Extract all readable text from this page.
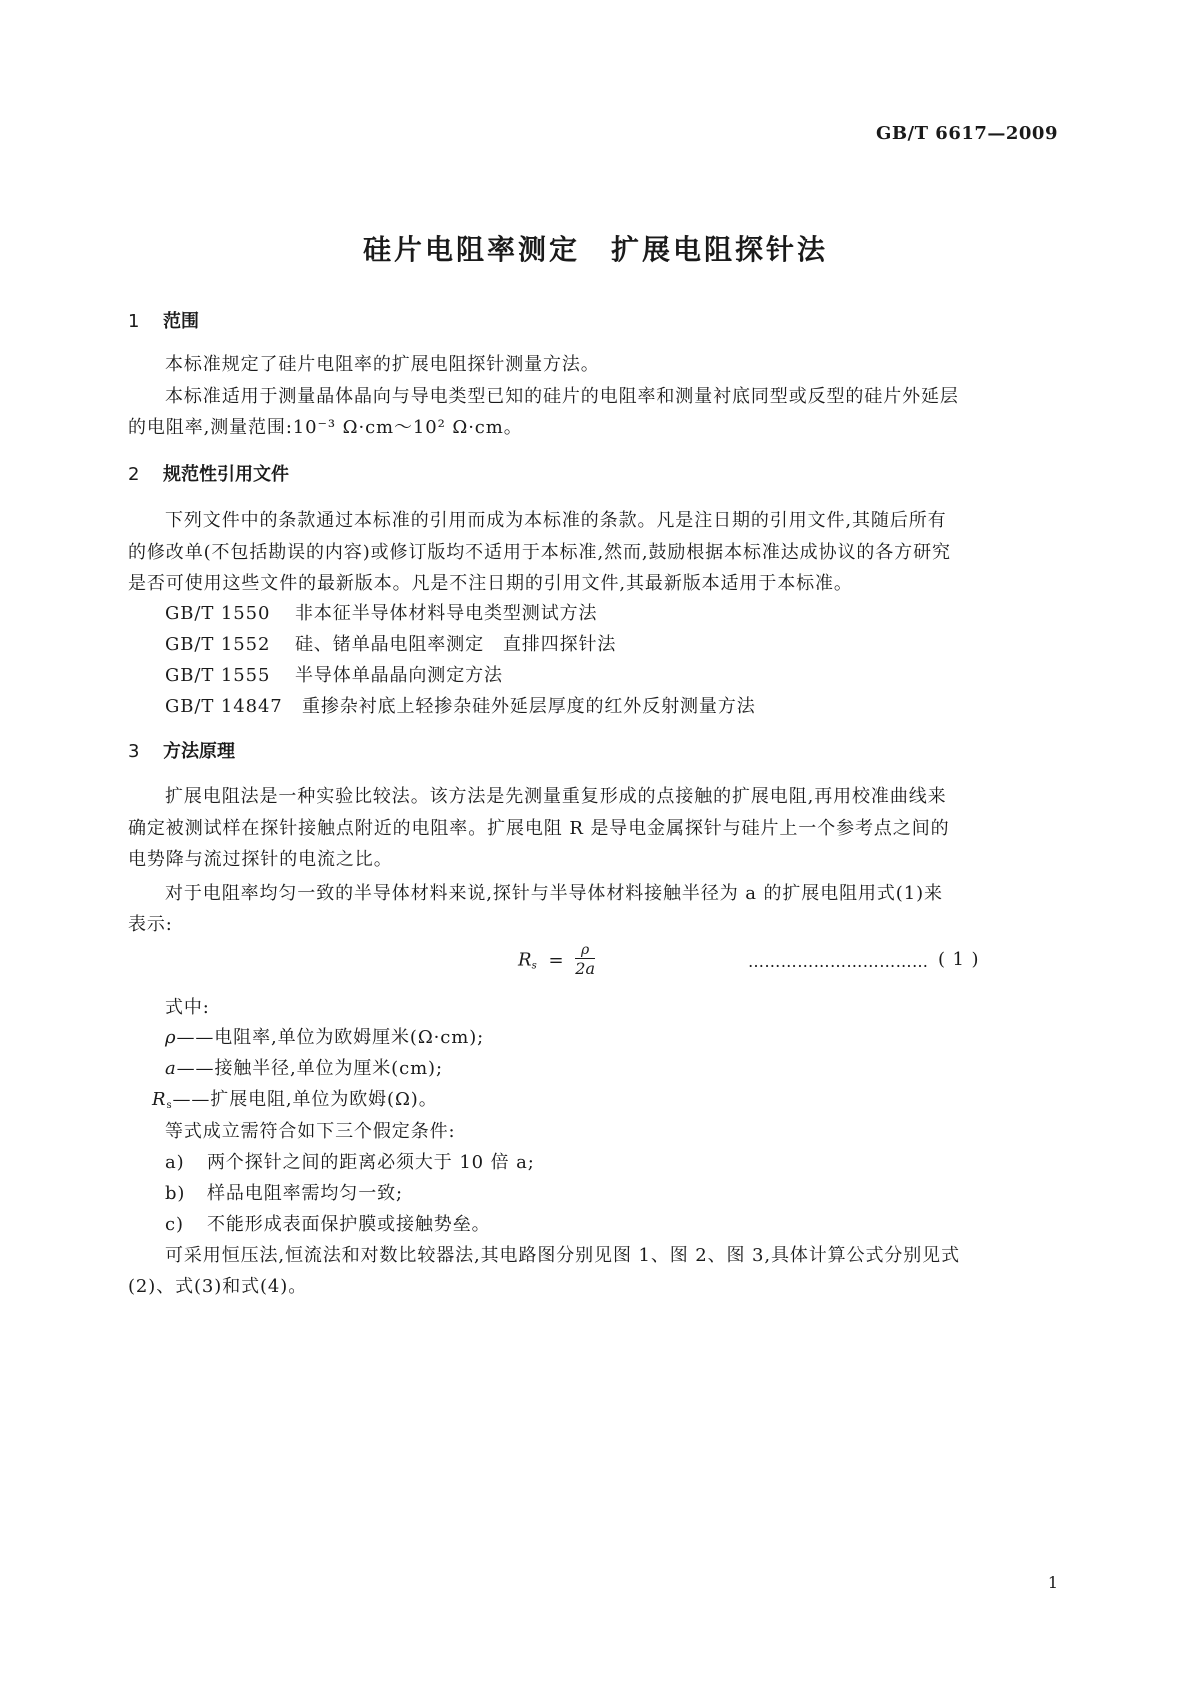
GB/T 6617—2009
硅片电阻率测定　扩展电阻探针法
1 范围
本标准规定了硅片电阻率的扩展电阻探针测量方法。
本标准适用于测量晶体晶向与导电类型已知的硅片的电阻率和测量衬底同型或反型的硅片外延层
的电阻率,测量范围:10⁻³ Ω·cm～10² Ω·cm。
2 规范性引用文件
下列文件中的条款通过本标准的引用而成为本标准的条款。凡是注日期的引用文件,其随后所有
的修改单(不包括勘误的内容)或修订版均不适用于本标准,然而,鼓励根据本标准达成协议的各方研究
是否可使用这些文件的最新版本。凡是不注日期的引用文件,其最新版本适用于本标准。
GB/T 1550 非本征半导体材料导电类型测试方法
GB/T 1552 硅、锗单晶电阻率测定　直排四探针法
GB/T 1555 半导体单晶晶向测定方法
GB/T 14847 重掺杂衬底上轻掺杂硅外延层厚度的红外反射测量方法
3 方法原理
扩展电阻法是一种实验比较法。该方法是先测量重复形成的点接触的扩展电阻,再用校准曲线来
确定被测试样在探针接触点附近的电阻率。扩展电阻 R 是导电金属探针与硅片上一个参考点之间的
电势降与流过探针的电流之比。
对于电阻率均匀一致的半导体材料来说,探针与半导体材料接触半径为 a 的扩展电阻用式(1)来
表示:
$R_s = \frac{\rho}{2a}$	…………………………… ( 1 )
式中:
ρ——电阻率,单位为欧姆厘米(Ω·cm);
a——接触半径,单位为厘米(cm);
$R_s——$扩展电阻,单位为欧姆(Ω)。
等式成立需符合如下三个假定条件:
a) 两个探针之间的距离必须大于 10 倍 a;
b) 样品电阻率需均匀一致;
c) 不能形成表面保护膜或接触势垒。
可采用恒压法,恒流法和对数比较器法,其电路图分别见图 1、图 2、图 3,具体计算公式分别见式
(2)、式(3)和式(4)。
1
